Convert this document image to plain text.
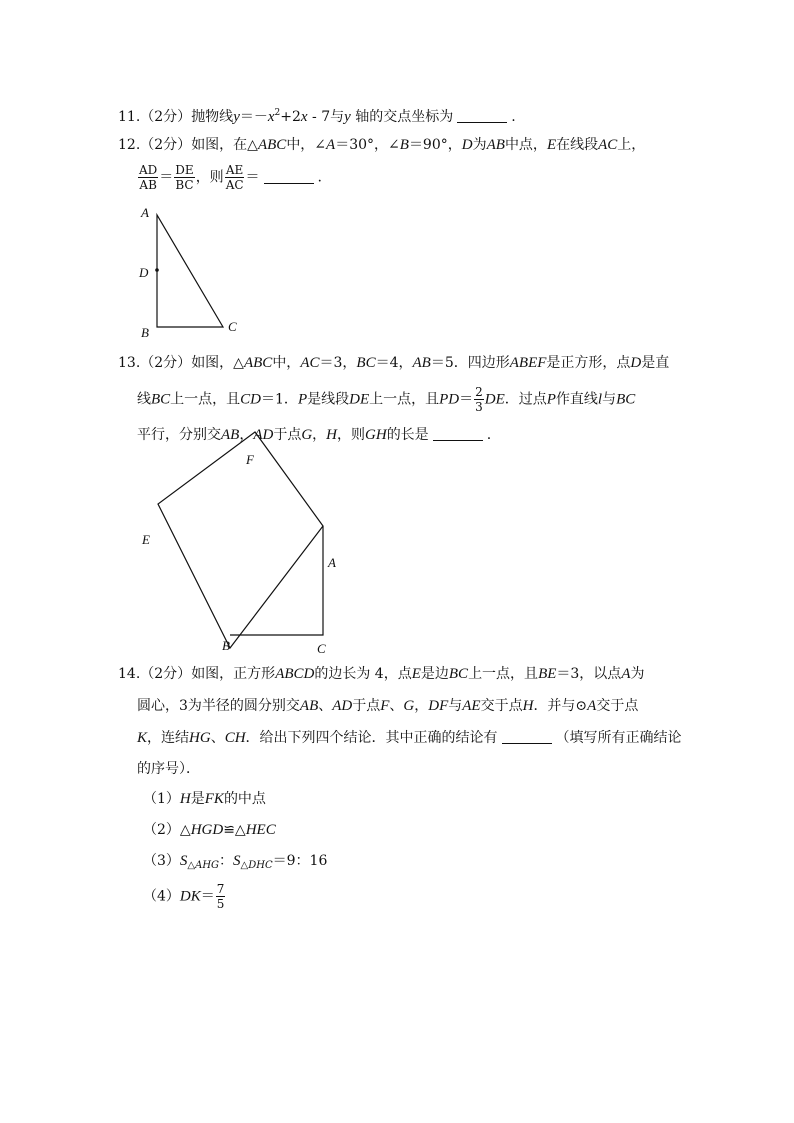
11.（2分）抛物线$y=-x^2+2x - 7$与y 轴的交点坐标为	.
12.（2分）如图，在△ABC中，∠A＝30°，∠B＝90°，D为AB中点，E在线段AC上，
$\frac{AD}{AB} = \frac{DE}{BC}$ ，则 $\frac{AE}{AC}$ ＝	.
A
D
B	C
13.（2分）如图，△ABC中，AC＝3，BC＝4，AB＝5．四边形ABEF是正方形，点D是直
线BC上一点，且CD＝1．P是线段DE上一点，且$PD= \frac{2}{3}$ DE．过点P作直线l与BC
平行，分别交AB，AD于点G，H，则GH的长是	.
F
E
A
B	C
14.（2分）如图，正方形ABCD的边长为 4，点E是边BC上一点，且BE＝3，以点A为
圆心，3为半径的圆分别交AB、AD于点F、G，DF与AE交于点H．并与⊙A交于点
K，连结HG、CH．给出下列四个结论．其中正确的结论有	（填写所有正确结论
的序号）．
（1）H是FK的中点
（2）△HGD≌△HEC
$(3)S_{\triangle AHG}$：$S_{\triangle DHC}=9$：16
$(4)DK= \frac{7}{5}$
